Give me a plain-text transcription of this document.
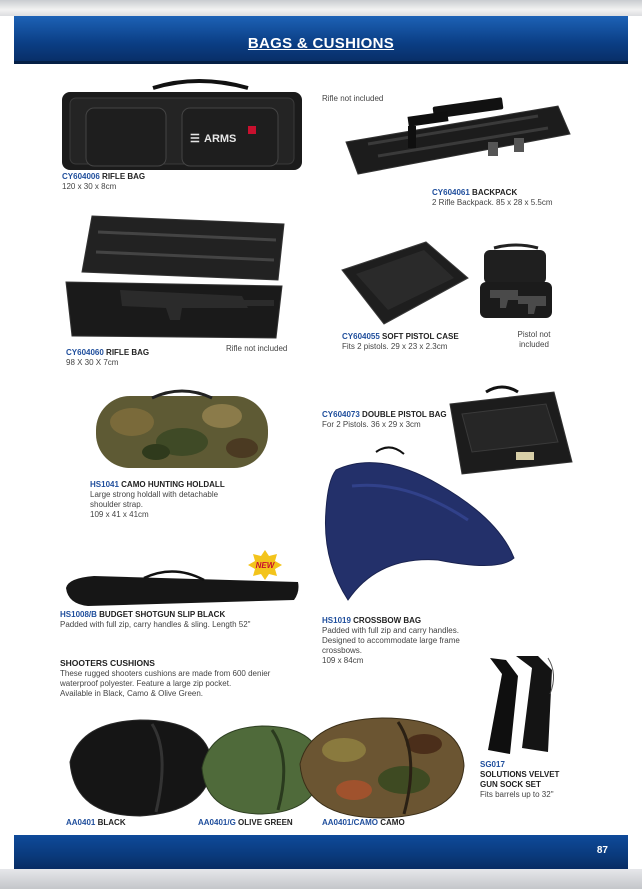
BAGS & CUSHIONS
☰ ARMS
CY604006 RIFLE BAG
120 x 30 x 8cm
Rifle not included
CY604061 BACKPACK
2 Rifle Backpack. 85 x 28 x 5.5cm
CY604060 RIFLE BAG
98 X 30 X 7cm
Rifle not included
CY604055 SOFT PISTOL CASE
Fits 2 pistols. 29 x 23 x 2.3cm
Pistol not
included
CY604073 DOUBLE PISTOL BAG
For 2 Pistols. 36 x 29 x 3cm
HS1041 CAMO HUNTING HOLDALL
Large strong holdall with detachable
shoulder strap.
109 x 41 x 41cm
HS1019 CROSSBOW BAG
Padded with full zip and carry handles.
Designed to accommodate large frame
crossbows.
109 x 84cm
NEW
HS1008/B BUDGET SHOTGUN SLIP BLACK
Padded with full zip, carry handles & sling. Length 52"
SHOOTERS CUSHIONS
These rugged shooters cushions are made from 600 denier
waterproof polyester. Feature a large zip pocket.
Available in Black, Camo & Olive Green.
AA0401 BLACK	AA0401/G OLIVE GREEN	AA0401/CAMO CAMO
SG017
SOLUTIONS VELVET
GUN SOCK SET
Fits barrels up to 32"
87
